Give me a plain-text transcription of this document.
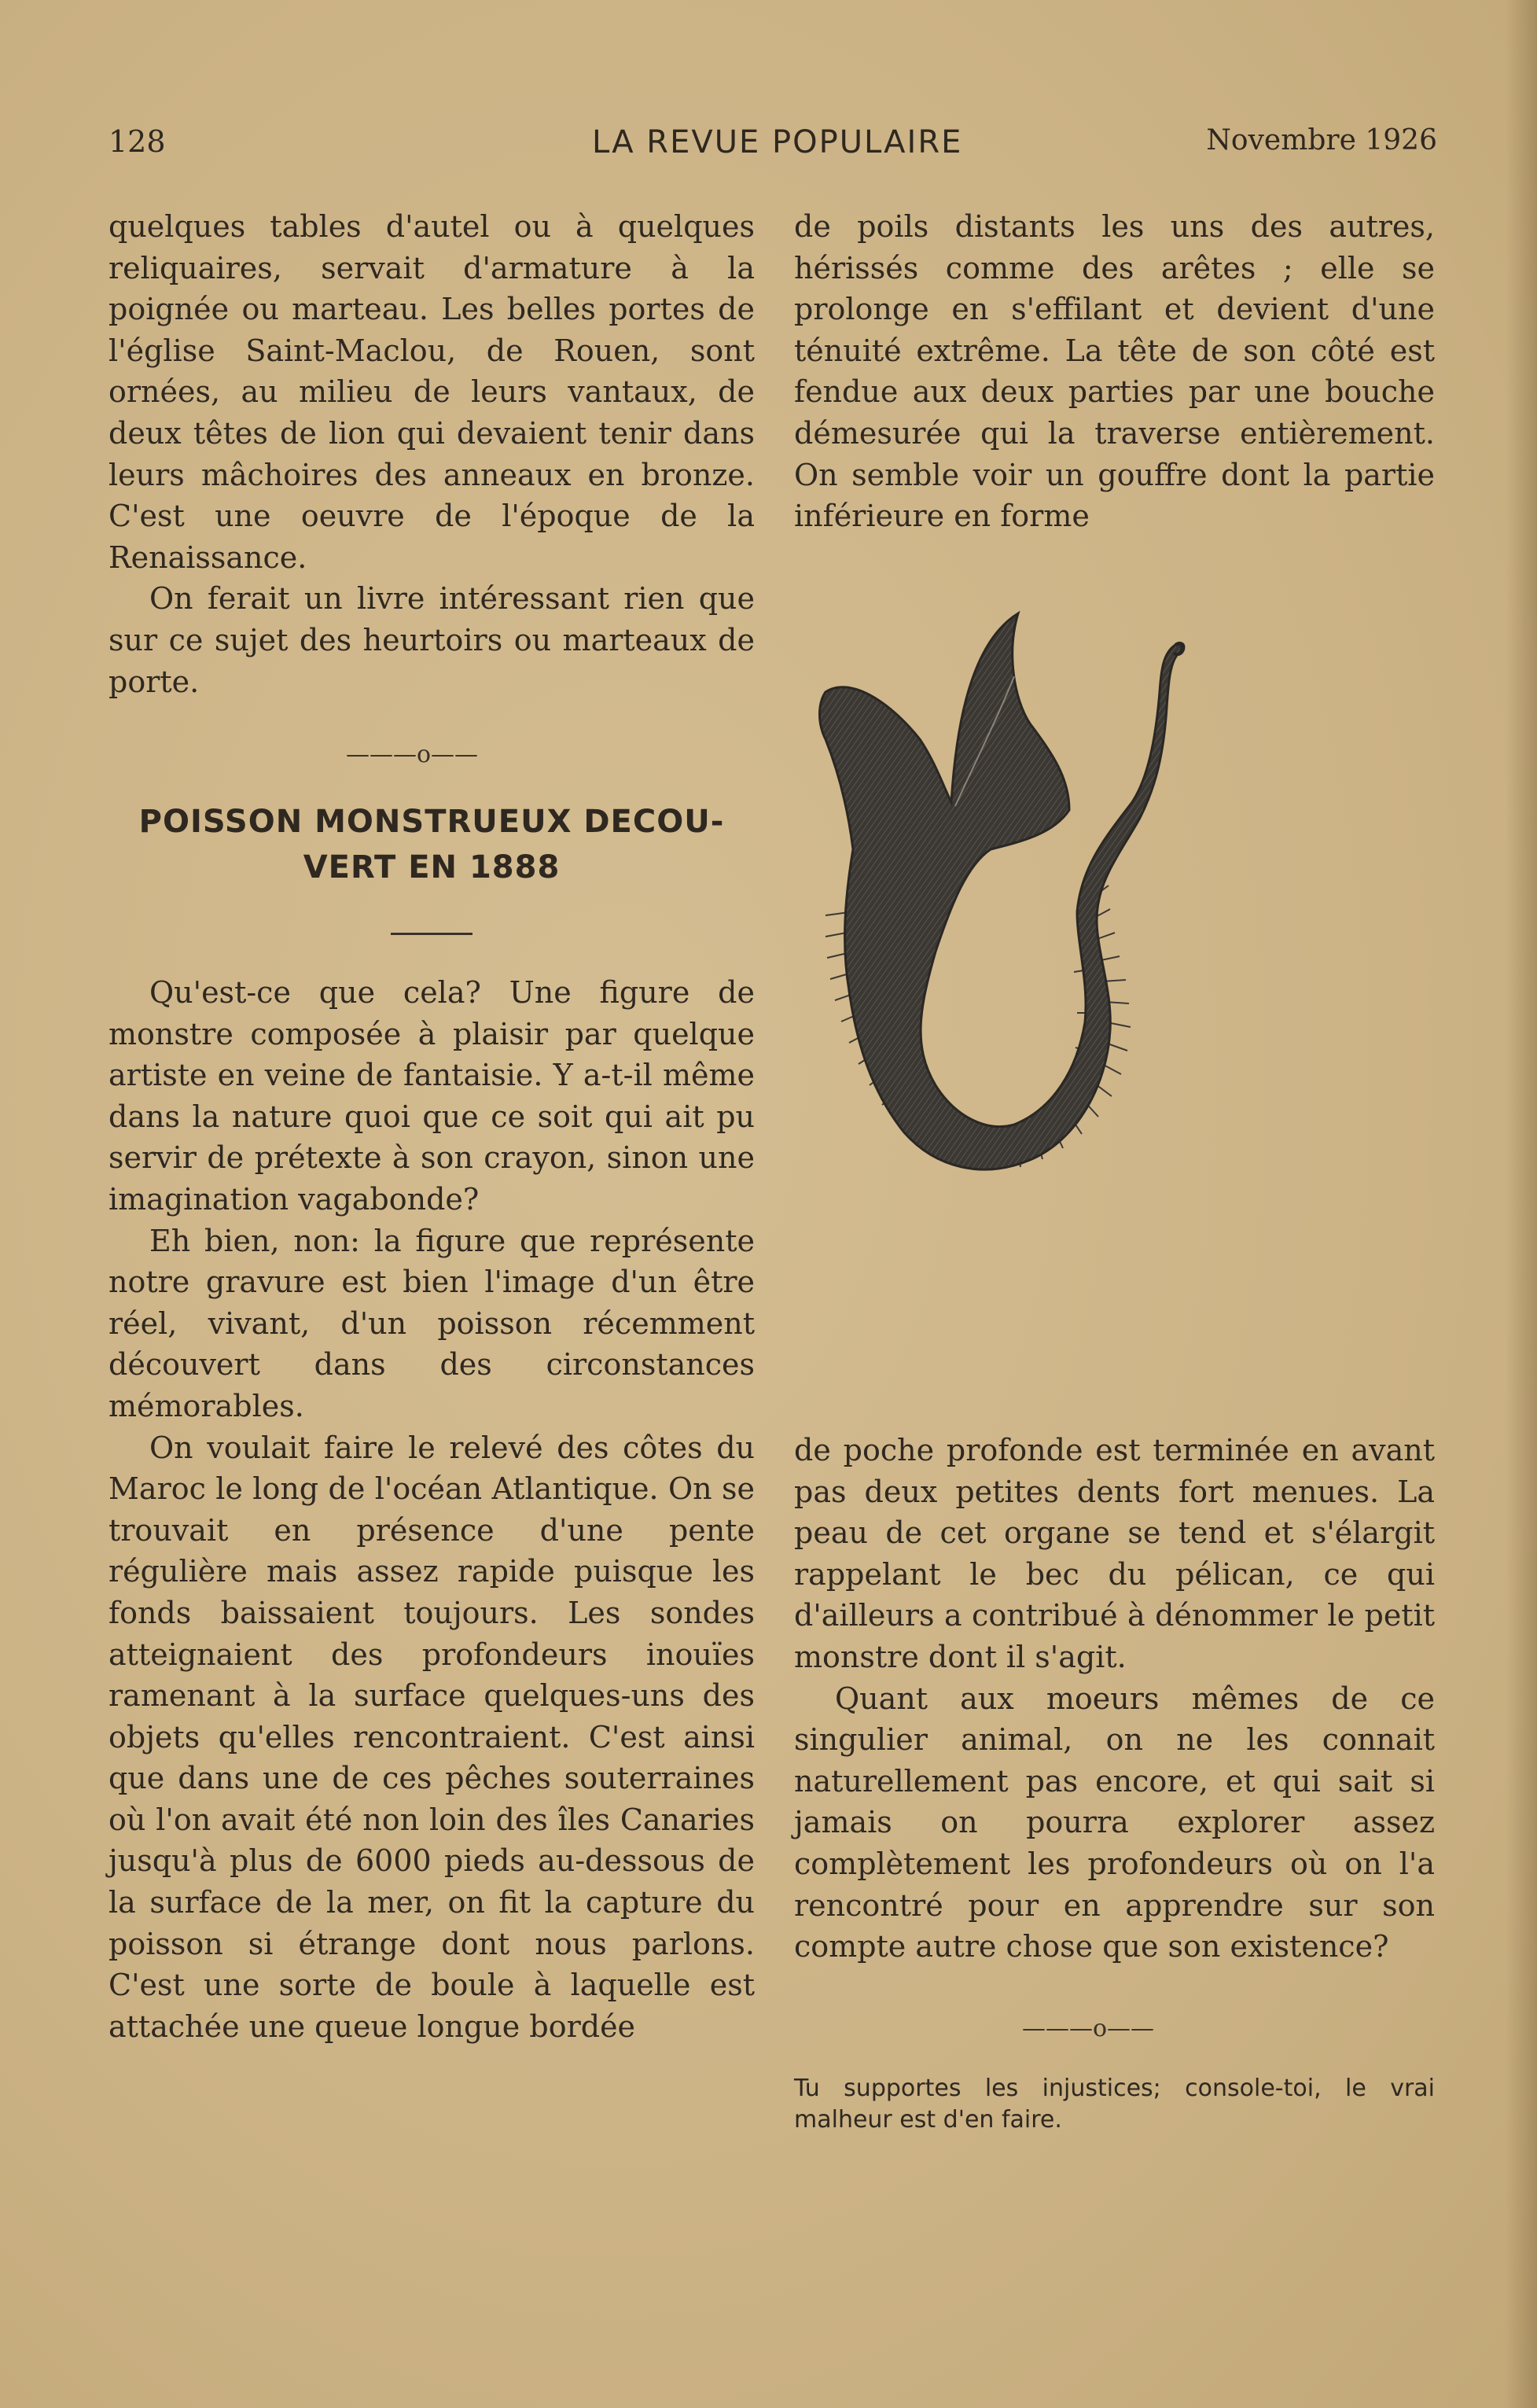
128	LA REVUE POPULAIRE	Novembre 1926

quelques tables d'autel ou à quelques reliquaires, servait d'armature à la poignée ou marteau. Les belles portes de l'église Saint-Maclou, de Rouen, sont ornées, au milieu de leurs vantaux, de deux têtes de lion qui devaient tenir dans leurs mâchoires des anneaux en bronze. C'est une oeuvre de l'époque de la Renaissance.

On ferait un livre intéressant rien que sur ce sujet des heurtoirs ou marteaux de porte.

———o——
POISSON MONSTRUEUX DECOU-
VERT EN 1888

Qu'est-ce que cela? Une figure de monstre composée à plaisir par quelque artiste en veine de fantaisie. Y a-t-il même dans la nature quoi que ce soit qui ait pu servir de prétexte à son crayon, sinon une imagination vagabonde?

Eh bien, non: la figure que représente notre gravure est bien l'image d'un être réel, vivant, d'un poisson récemment découvert dans des circonstances mémorables.

On voulait faire le relevé des côtes du Maroc le long de l'océan Atlantique. On se trouvait en présence d'une pente régulière mais assez rapide puisque les fonds baissaient toujours. Les sondes atteignaient des profondeurs inouïes ramenant à la surface quelques-uns des objets qu'elles rencontraient. C'est ainsi que dans une de ces pêches souterraines où l'on avait été non loin des îles Canaries jusqu'à plus de 6000 pieds au-dessous de la surface de la mer, on fit la capture du poisson si étrange dont nous parlons. C'est une sorte de boule à laquelle est attachée une queue longue bordée

de poils distants les uns des autres, hérissés comme des arêtes ; elle se prolonge en s'effilant et devient d'une ténuité extrême. La tête de son côté est fendue aux deux parties par une bouche démesurée qui la traverse entièrement. On semble voir un gouffre dont la partie inférieure en forme

de poche profonde est terminée en avant pas deux petites dents fort menues. La peau de cet organe se tend et s'élargit rappelant le bec du pélican, ce qui d'ailleurs a contribué à dénommer le petit monstre dont il s'agit.

Quant aux moeurs mêmes de ce singulier animal, on ne les connait naturellement pas encore, et qui sait si jamais on pourra explorer assez complètement les profondeurs où on l'a rencontré pour en apprendre sur son compte autre chose que son existence?

———o——
Tu supportes les injustices; console-toi, le vrai malheur est d'en faire.
